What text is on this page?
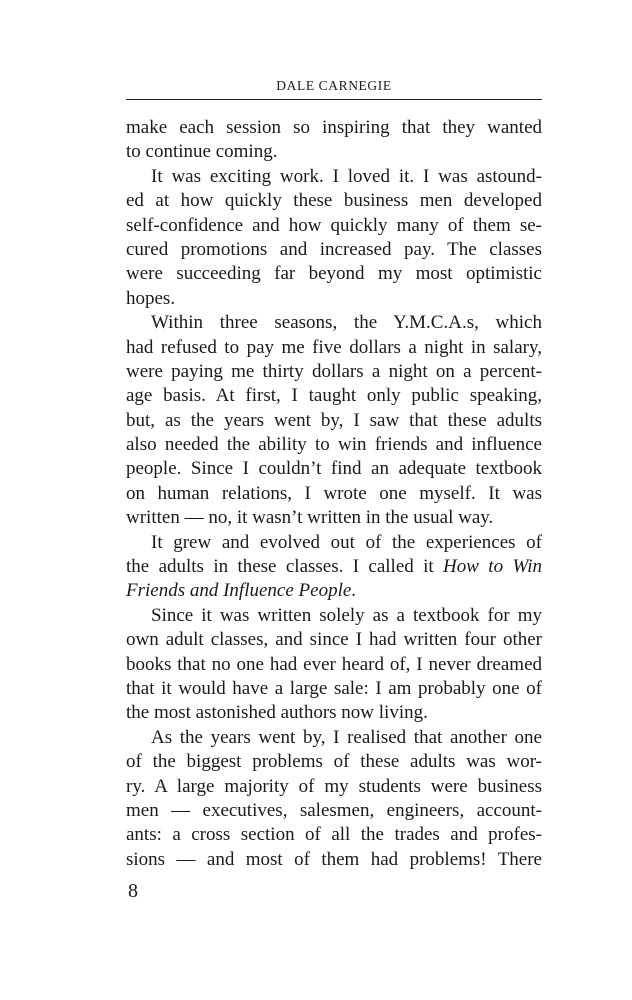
DALE CARNEGIE
make each session so inspiring that they wanted
to continue coming.
It was exciting work. I loved it. I was astound-
ed at how quickly these business men developed
self-confidence and how quickly many of them se-
cured promotions and increased pay. The classes
were succeeding far beyond my most optimistic
hopes.
Within three seasons, the Y.M.C.A.s, which
had refused to pay me five dollars a night in salary,
were paying me thirty dollars a night on a percent-
age basis. At first, I taught only public speaking,
but, as the years went by, I saw that these adults
also needed the ability to win friends and influence
people. Since I couldn’t find an adequate textbook
on human relations, I wrote one myself. It was
written — no, it wasn’t written in the usual way.
It grew and evolved out of the experiences of
the adults in these classes. I called it How to Win
Friends and Influence People.
Since it was written solely as a textbook for my
own adult classes, and since I had written four other
books that no one had ever heard of, I never dreamed
that it would have a large sale: I am probably one of
the most astonished authors now living.
As the years went by, I realised that another one
of the biggest problems of these adults was wor-
ry. A large majority of my students were business
men — executives, salesmen, engineers, account-
ants: a cross section of all the trades and profes-
sions — and most of them had problems! There
8
